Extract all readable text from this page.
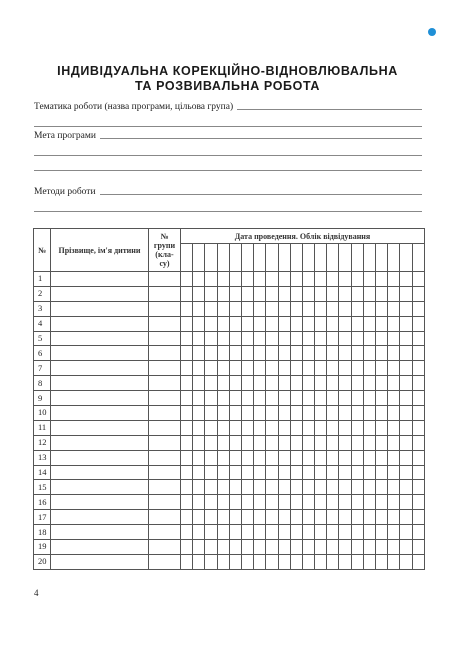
ІНДИВІДУАЛЬНА КОРЕКЦІЙНО-ВІДНОВЛЮВАЛЬНА
ТА РОЗВИВАЛЬНА РОБОТА
Тематика роботи (назва програми, цільова група)
Мета програми
Методи роботи
№	Прізвище, ім'я дитини	№
групи
(кла-
су)	Дата проведення. Облік відвідування																			

1																						
2																						
3																						
4																						
5																						
6																						
7																						
8																						
9																						
10																						
11																						
12																						
13																						
14																						
15																						
16																						
17																						
18																						
19																						
20																						
4
